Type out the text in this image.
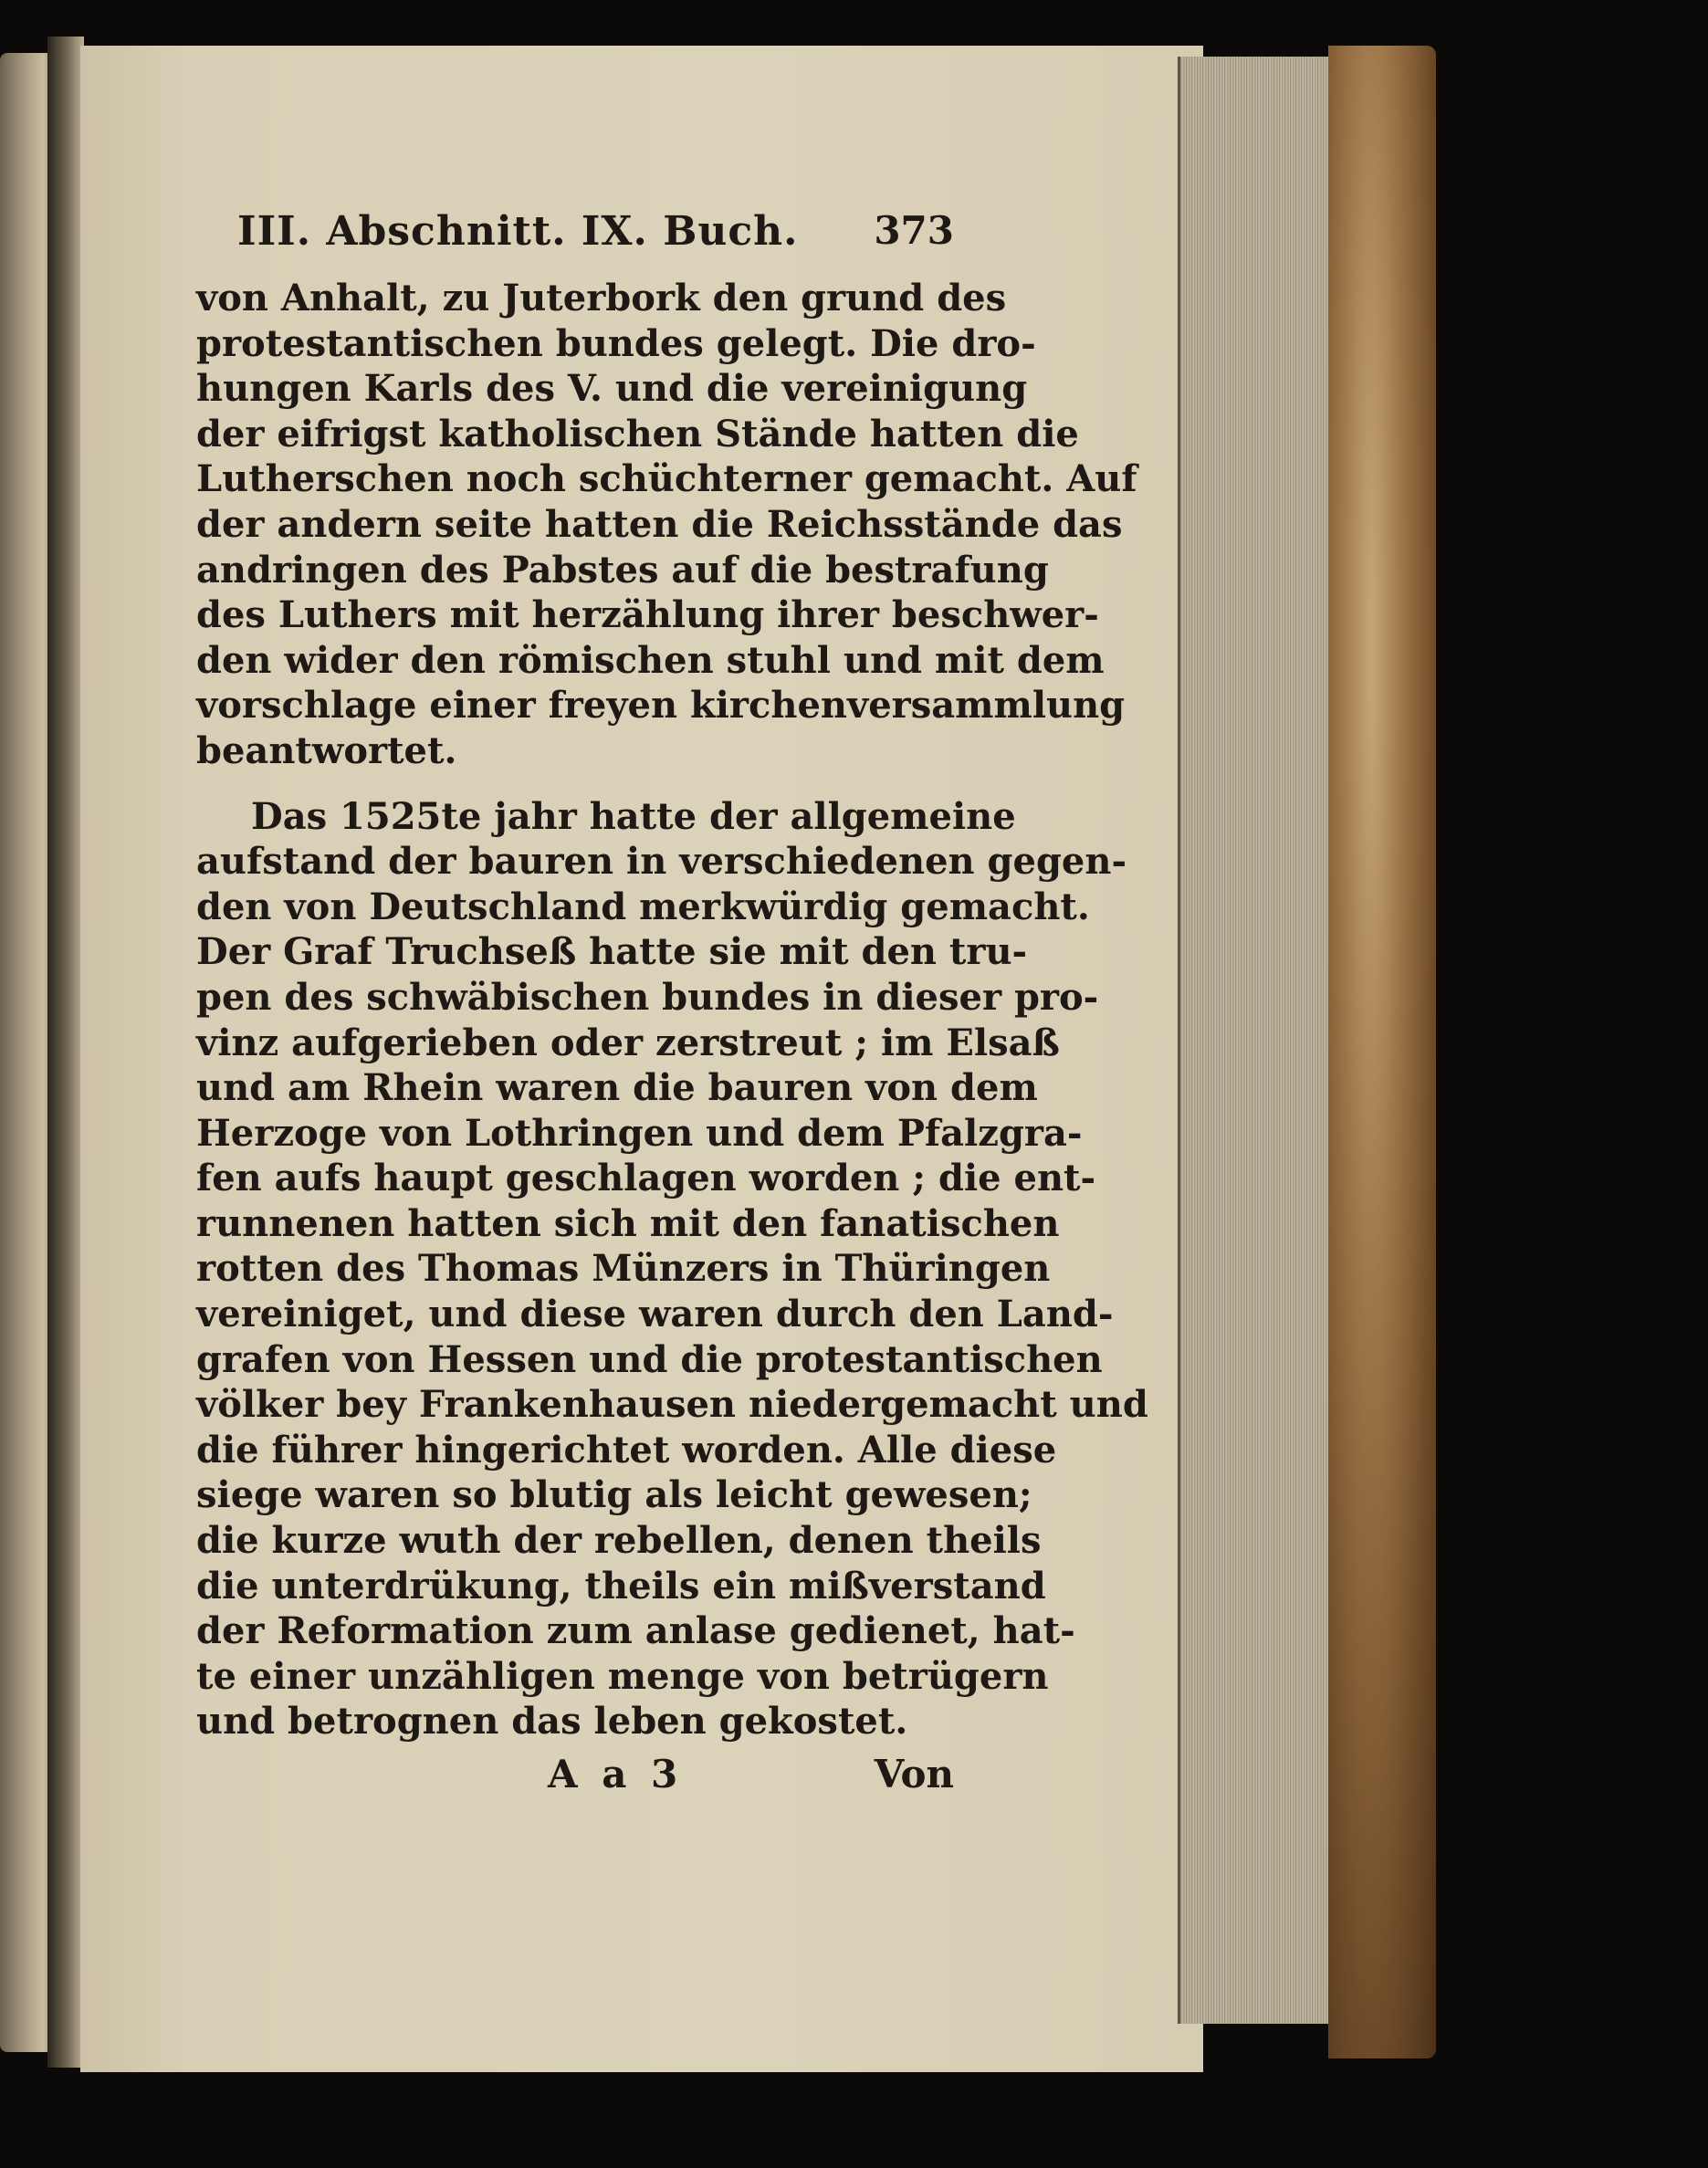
III. Abschnitt. IX. Buch. 373

von Anhalt, zu Juterbork den grund des
protestantischen bundes gelegt. Die dro-
hungen Karls des V. und die vereinigung
der eifrigst katholischen Stände hatten die
Lutherschen noch schüchterner gemacht. Auf
der andern seite hatten die Reichsstände das
andringen des Pabstes auf die bestrafung
des Luthers mit herzählung ihrer beschwer-
den wider den römischen stuhl und mit dem
vorschlage einer freyen kirchenversammlung
beantwortet.

Das 1525te jahr hatte der allgemeine
aufstand der bauren in verschiedenen gegen-
den von Deutschland merkwürdig gemacht.
Der Graf Truchseß hatte sie mit den tru-
pen des schwäbischen bundes in dieser pro-
vinz aufgerieben oder zerstreut ; im Elsaß
und am Rhein waren die bauren von dem
Herzoge von Lothringen und dem Pfalzgra-
fen aufs haupt geschlagen worden ; die ent-
runnenen hatten sich mit den fanatischen
rotten des Thomas Münzers in Thüringen
vereiniget, und diese waren durch den Land-
grafen von Hessen und die protestantischen
völker bey Frankenhausen niedergemacht und
die führer hingerichtet worden. Alle diese
siege waren so blutig als leicht gewesen;
die kurze wuth der rebellen, denen theils
die unterdrükung, theils ein mißverstand
der Reformation zum anlase gedienet, hat-
te einer unzähligen menge von betrügern
und betrognen das leben gekostet.

A a 3	Von
